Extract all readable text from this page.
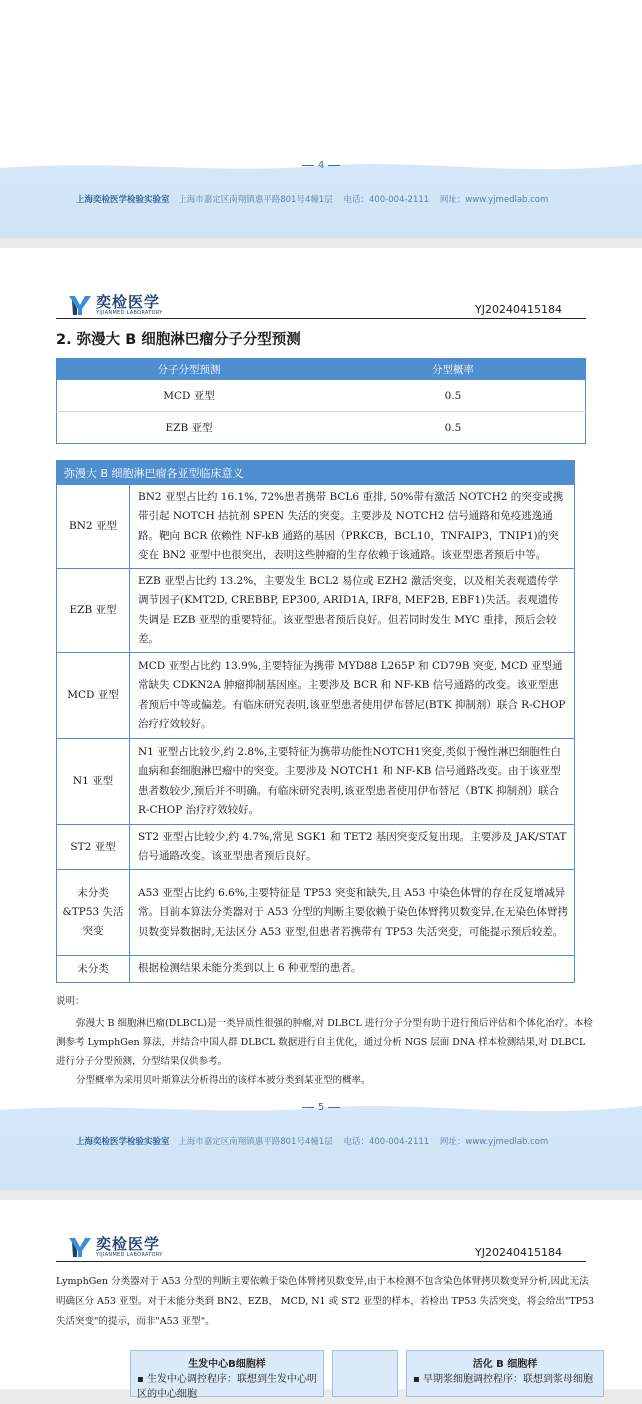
4
上海奕检医学检验实验室 上海市嘉定区南翔镇惠平路801号4幢1层 电话：400-004-2111 网址：www.yjmedlab.com
奕检医学
YIJIANMED LABORATORY	YJ20240415184
2. 弥漫大 B 细胞淋巴瘤分子分型预测
分子分型预测	分型概率
MCD 亚型	0.5
EZB 亚型	0.5
弥漫大 B 细胞淋巴瘤各亚型临床意义	
BN2 亚型	BN2 亚型占比约 16.1%, 72%患者携带 BCL6 重排, 50%带有激活 NOTCH2 的突变或携带引起 NOTCH 拮抗剂 SPEN 失活的突变。主要涉及 NOTCH2 信号通路和免疫逃逸通路。靶向 BCR 依赖性 NF-kB 通路的基因（PRKCB，BCL10，TNFAIP3，TNIP1)的突变在 BN2 亚型中也很突出，表明这些肿瘤的生存依赖于该通路。该亚型患者预后中等。
EZB 亚型	EZB 亚型占比约 13.2%，主要发生 BCL2 易位或 EZH2 激活突变，以及相关表观遗传学调节因子(KMT2D, CREBBP, EP300, ARID1A, IRF8, MEF2B, EBF1)失活。表观遗传失调是 EZB 亚型的重要特征。该亚型患者预后良好。但若同时发生 MYC 重排，预后会较差。
MCD 亚型	MCD 亚型占比约 13.9%,主要特征为携带 MYD88 L265P 和 CD79B 突变, MCD 亚型通常缺失 CDKN2A 肿瘤抑制基因座。主要涉及 BCR 和 NF-KB 信号通路的改变。该亚型患者预后中等或偏差。有临床研究表明,该亚型患者使用伊布替尼(BTK 抑制剂）联合 R-CHOP 治疗疗效较好。
N1 亚型	N1 亚型占比较少,约 2.8%,主要特征为携带功能性NOTCH1突变,类似于慢性淋巴细胞性白血病和套细胞淋巴瘤中的突变。主要涉及 NOTCH1 和 NF-KB 信号通路改变。由于该亚型患者数较少,预后并不明确。有临床研究表明,该亚型患者使用伊布替尼（BTK 抑制剂）联合 R-CHOP 治疗疗效较好。
ST2 亚型	ST2 亚型占比较少,约 4.7%,常见 SGK1 和 TET2 基因突变反复出现。主要涉及 JAK/STAT 信号通路改变。该亚型患者预后良好。
未分类
&TP53 失活
突变	A53 亚型占比约 6.6%,主要特征是 TP53 突变和缺失,且 A53 中染色体臂的存在反复增减异常。目前本算法分类器对于 A53 分型的判断主要依赖于染色体臂拷贝数变异,在无染色体臂拷贝数变异数据时,无法区分 A53 亚型,但患者若携带有 TP53 失活突变，可能提示预后较差。
未分类	根据检测结果未能分类到以上 6 种亚型的患者。

说明：

弥漫大 B 细胞淋巴瘤(DLBCL)是一类异质性很强的肿瘤,对 DLBCL 进行分子分型有助于进行预后评估和个体化治疗。本检测参考 LymphGen 算法，并结合中国人群 DLBCL 数据进行自主优化，通过分析 NGS 层面 DNA 样本检测结果,对 DLBCL 进行分子分型预测，分型结果仅供参考。

分型概率为采用贝叶斯算法分析得出的该样本被分类到某亚型的概率。

5
上海奕检医学检验实验室 上海市嘉定区南翔镇惠平路801号4幢1层 电话：400-004-2111 网址：www.yjmedlab.com
奕检医学
YIJIANMED LABORATORY	YJ20240415184
LymphGen 分类器对于 A53 分型的判断主要依赖于染色体臂拷贝数变异,由于本检测不包含染色体臂拷贝数变异分析,因此无法明确区分 A53 亚型。对于未能分类到 BN2、EZB、 MCD, N1 或 ST2 亚型的样本，若检出 TP53 失活突变，将会给出"TP53 失活突变"的提示，而非"A53 亚型"。
生发中心B细胞样
▪ 生发中心调控程序：联想到生发中心明区的中心细胞
活化 B 细胞样
▪ 早期浆细胞调控程序：联想到浆母细胞
